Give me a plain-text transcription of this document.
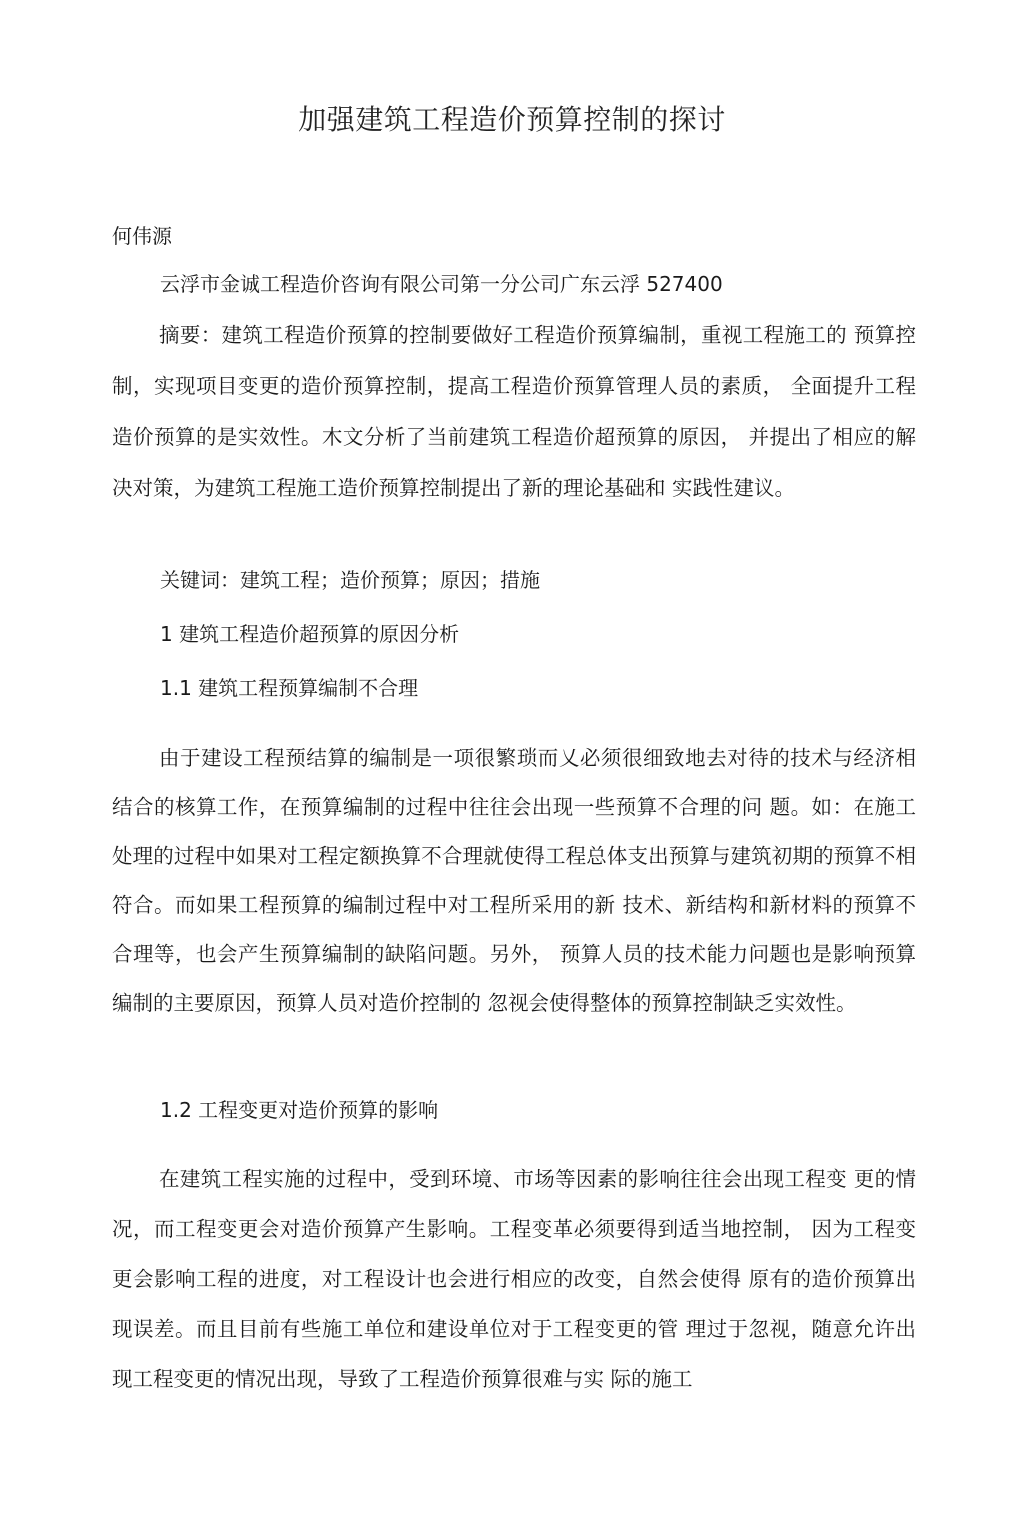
加强建筑工程造价预算控制的探讨

何伟源

云浮市金诚工程造价咨询有限公司第一分公司广东云浮 527400

摘要：建筑工程造价预算的控制要做好工程造价预算编制，重视工程施工的 预算控制，实现项目变更的造价预算控制，提高工程造价预算管理人员的素质， 全面提升工程造价预算的是实效性。木文分析了当前建筑工程造价超预算的原因， 并提出了相应的解决对策，为建筑工程施工造价预算控制提出了新的理论基础和 实践性建议。

关键词：建筑工程；造价预算；原因；措施

1 建筑工程造价超预算的原因分析

1.1 建筑工程预算编制不合理

由于建设工程预结算的编制是一项很繁琐而乂必须很细致地去对待的技术与经济相结合的核算工作，在预算编制的过程中往往会出现一些预算不合理的问 题。如：在施工处理的过程中如果对工程定额换算不合理就使得工程总体支出预算与建筑初期的预算不相符合。而如果工程预算的编制过程中对工程所采用的新 技术、新结构和新材料的预算不合理等，也会产生预算编制的缺陷问题。另外， 预算人员的技术能力问题也是影响预算编制的主要原因，预算人员对造价控制的 忽视会使得整体的预算控制缺乏实效性。

1.2 工程变更对造价预算的影响

在建筑工程实施的过程中，受到环境、市场等因素的影响往往会出现工程变 更的情况，而工程变更会对造价预算产生影响。工程变革必须要得到适当地控制， 因为工程变更会影响工程的进度，对工程设计也会进行相应的改变，自然会使得 原有的造价预算出现误差。而且目前有些施工单位和建设单位对于工程变更的管 理过于忽视，随意允许出现工程变更的情况出现，导致了工程造价预算很难与实 际的施工
